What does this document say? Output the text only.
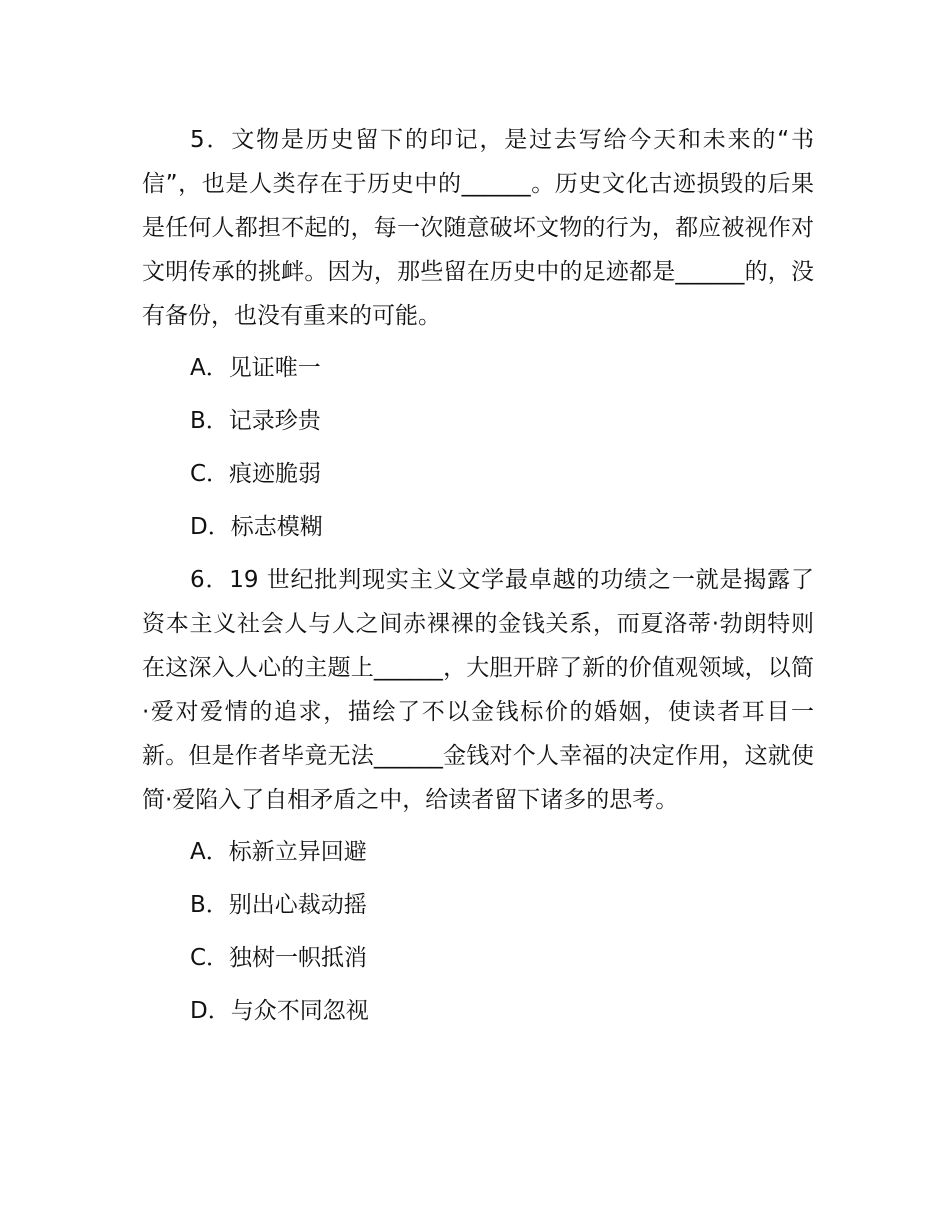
5．文物是历史留下的印记，是过去写给今天和未来的“书信”，也是人类存在于历史中的______。历史文化古迹损毁的后果是任何人都担不起的，每一次随意破坏文物的行为，都应被视作对文明传承的挑衅。因为，那些留在历史中的足迹都是______的，没有备份，也没有重来的可能。

A．见证唯一

B．记录珍贵

C．痕迹脆弱

D．标志模糊

6．19 世纪批判现实主义文学最卓越的功绩之一就是揭露了资本主义社会人与人之间赤裸裸的金钱关系，而夏洛蒂·勃朗特则在这深入人心的主题上______，大胆开辟了新的价值观领域，以简·爱对爱情的追求，描绘了不以金钱标价的婚姻，使读者耳目一新。但是作者毕竟无法______金钱对个人幸福的决定作用，这就使简·爱陷入了自相矛盾之中，给读者留下诸多的思考。

A．标新立异回避

B．别出心裁动摇

C．独树一帜抵消

D．与众不同忽视
